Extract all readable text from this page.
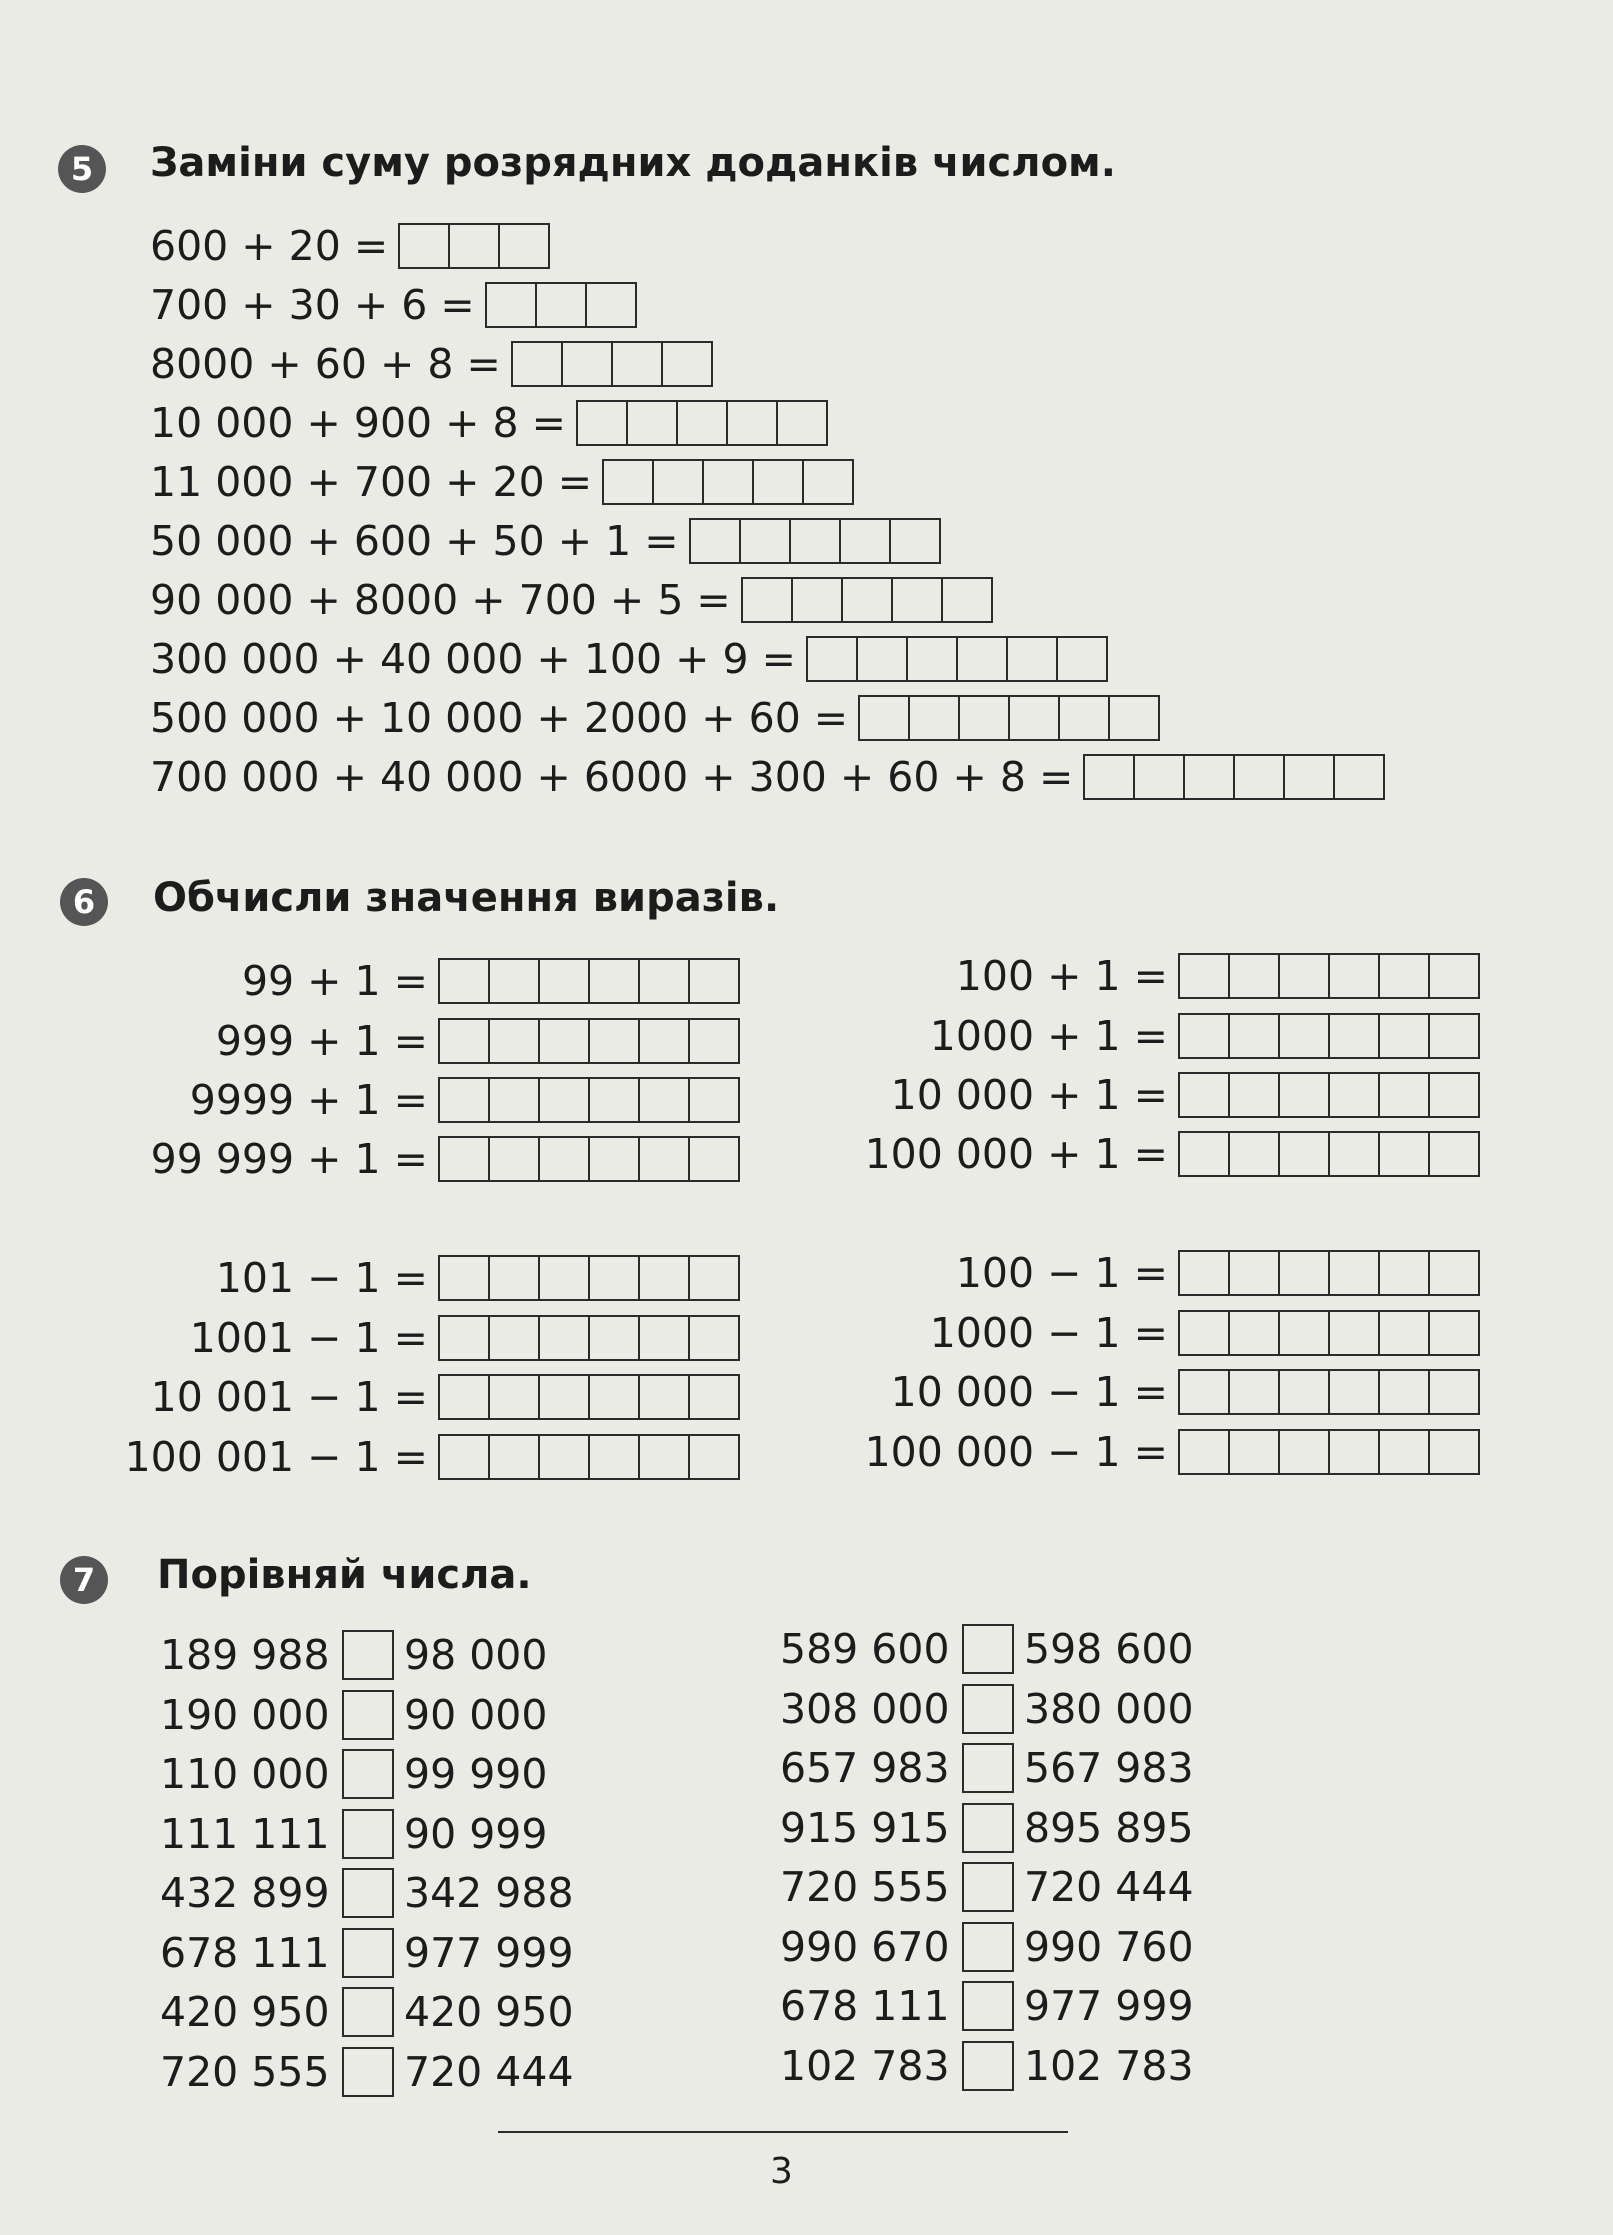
5	Заміни суму розрядних доданків числом.
600 + 20 =
700 + 30 + 6 =
8000 + 60 + 8 =
10 000 + 900 + 8 =
11 000 + 700 + 20 =
50 000 + 600 + 50 + 1 =
90 000 + 8000 + 700 + 5 =
300 000 + 40 000 + 100 + 9 =
500 000 + 10 000 + 2000 + 60 =
700 000 + 40 000 + 6000 + 300 + 60 + 8 =
6	Обчисли значення виразів.
99 + 1 =
999 + 1 =
9999 + 1 =
99 999 + 1 =
101 − 1 =
1001 − 1 =
10 001 − 1 =
100 001 − 1 =
100 + 1 =
1000 + 1 =
10 000 + 1 =
100 000 + 1 =
100 − 1 =
1000 − 1 =
10 000 − 1 =
100 000 − 1 =
7	Порівняй числа.
189 988	98 000
190 000	90 000
110 000	99 990
111 111	90 999
432 899	342 988
678 111	977 999
420 950	420 950
720 555	720 444
589 600	598 600
308 000	380 000
657 983	567 983
915 915	895 895
720 555	720 444
990 670	990 760
678 111	977 999
102 783	102 783
3
